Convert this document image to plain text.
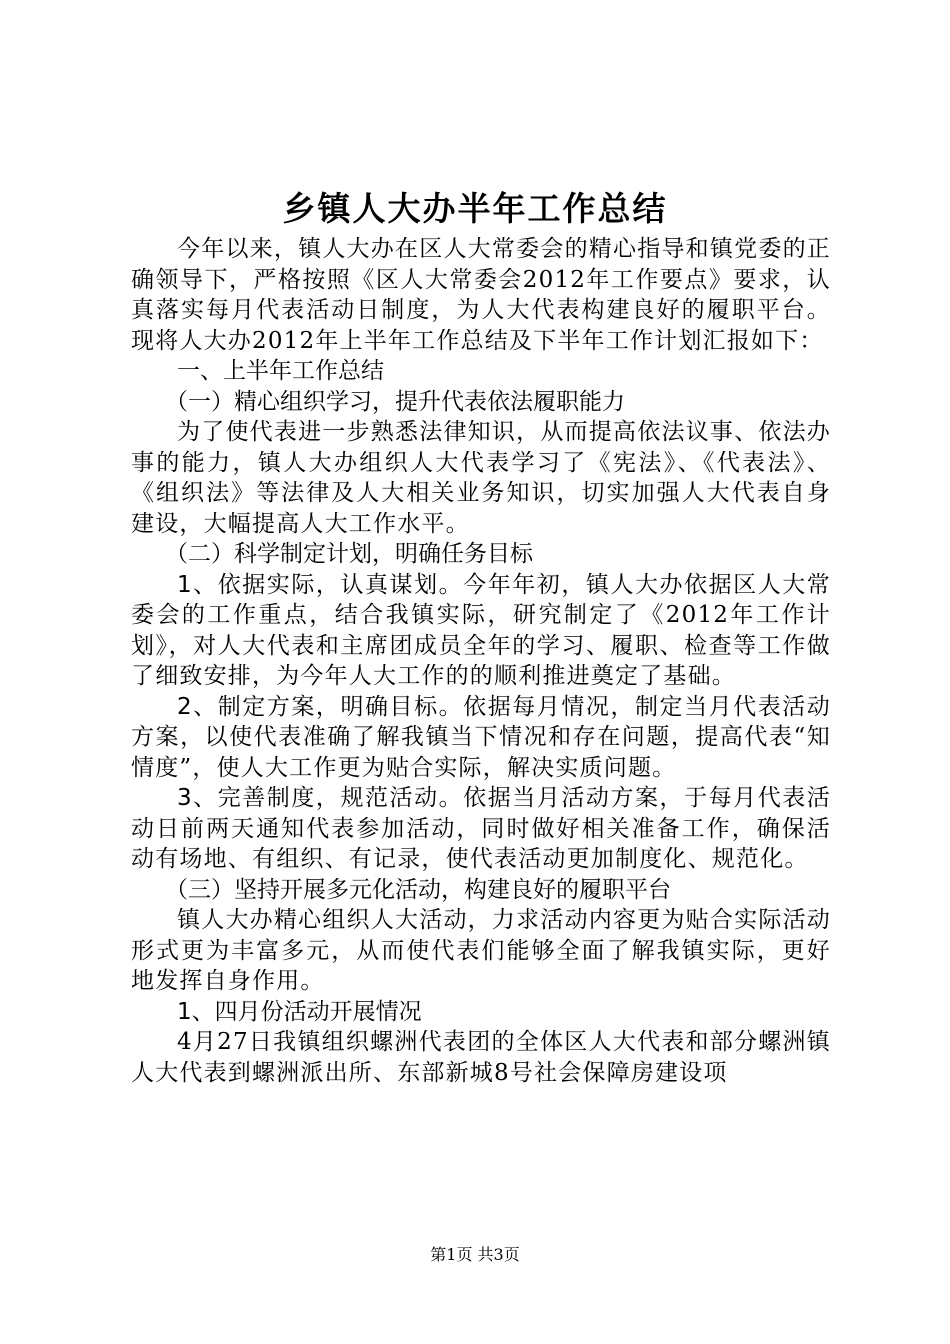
乡镇人大办半年工作总结

今年以来，镇人大办在区人大常委会的精心指导和镇党委的正确领导下，严格按照《区人大常委会2012年工作要点》要求，认真落实每月代表活动日制度，为人大代表构建良好的履职平台。现将人大办2012年上半年工作总结及下半年工作计划汇报如下：

一、上半年工作总结

（一）精心组织学习，提升代表依法履职能力

为了使代表进一步熟悉法律知识，从而提高依法议事、依法办事的能力，镇人大办组织人大代表学习了《宪法》、《代表法》、《组织法》等法律及人大相关业务知识，切实加强人大代表自身建设，大幅提高人大工作水平。

（二）科学制定计划，明确任务目标

1、依据实际，认真谋划。今年年初，镇人大办依据区人大常委会的工作重点，结合我镇实际，研究制定了《2012年工作计划》，对人大代表和主席团成员全年的学习、履职、检查等工作做了细致安排，为今年人大工作的的顺利推进奠定了基础。

2、制定方案，明确目标。依据每月情况，制定当月代表活动方案，以使代表准确了解我镇当下情况和存在问题，提高代表“知情度”，使人大工作更为贴合实际，解决实质问题。

3、完善制度，规范活动。依据当月活动方案，于每月代表活动日前两天通知代表参加活动，同时做好相关准备工作，确保活动有场地、有组织、有记录，使代表活动更加制度化、规范化。

（三）坚持开展多元化活动，构建良好的履职平台

镇人大办精心组织人大活动，力求活动内容更为贴合实际活动形式更为丰富多元，从而使代表们能够全面了解我镇实际，更好地发挥自身作用。

1、四月份活动开展情况

4月27日我镇组织螺洲代表团的全体区人大代表和部分螺洲镇人大代表到螺洲派出所、东部新城8号社会保障房建设项

第1页 共3页
